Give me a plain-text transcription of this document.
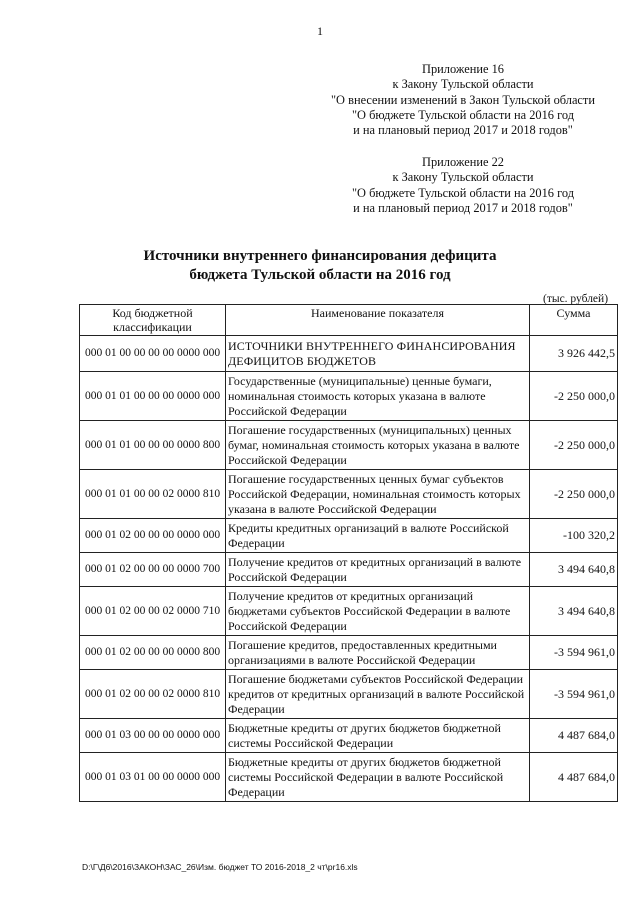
1
Приложение 16
к Закону Тульской области
"О внесении изменений в Закон Тульской области
"О бюджете Тульской области на 2016 год
и на плановый период 2017 и 2018 годов"
Приложение 22
к Закону Тульской области
"О бюджете Тульской области на 2016 год
и на плановый период 2017 и 2018 годов"
Источники внутреннего финансирования дефицита
бюджета Тульской области на 2016 год
(тыс. рублей)
Код бюджетной классификации	Наименование показателя	Сумма
000 01 00 00 00 00 0000 000	ИСТОЧНИКИ ВНУТРЕННЕГО ФИНАНСИРОВАНИЯ ДЕФИЦИТОВ БЮДЖЕТОВ	3 926 442,5
000 01 01 00 00 00 0000 000	Государственные (муниципальные) ценные бумаги, номинальная стоимость которых указана в валюте Российской Федерации	-2 250 000,0
000 01 01 00 00 00 0000 800	Погашение государственных (муниципальных) ценных бумаг, номинальная стоимость которых указана в валюте Российской Федерации	-2 250 000,0
000 01 01 00 00 02 0000 810	Погашение государственных ценных бумаг субъектов Российской Федерации, номинальная стоимость которых указана в валюте Российской Федерации	-2 250 000,0
000 01 02 00 00 00 0000 000	Кредиты кредитных организаций в валюте Российской Федерации	-100 320,2
000 01 02 00 00 00 0000 700	Получение кредитов от кредитных организаций в валюте Российской Федерации	3 494 640,8
000 01 02 00 00 02 0000 710	Получение кредитов от кредитных организаций бюджетами субъектов Российской Федерации в валюте Российской Федерации	3 494 640,8
000 01 02 00 00 00 0000 800	Погашение кредитов, предоставленных кредитными организациями в валюте Российской Федерации	-3 594 961,0
000 01 02 00 00 02 0000 810	Погашение бюджетами субъектов Российской Федерации кредитов от кредитных организаций в валюте Российской Федерации	-3 594 961,0
000 01 03 00 00 00 0000 000	Бюджетные кредиты от других бюджетов бюджетной системы Российской Федерации	4 487 684,0
000 01 03 01 00 00 0000 000	Бюджетные кредиты от других бюджетов бюджетной системы Российской Федерации в валюте Российской Федерации	4 487 684,0
D:\Г\Д6\2016\ЗАКОН\ЗАС_26\Изм. бюджет ТО 2016-2018_2 чт\pr16.xls
